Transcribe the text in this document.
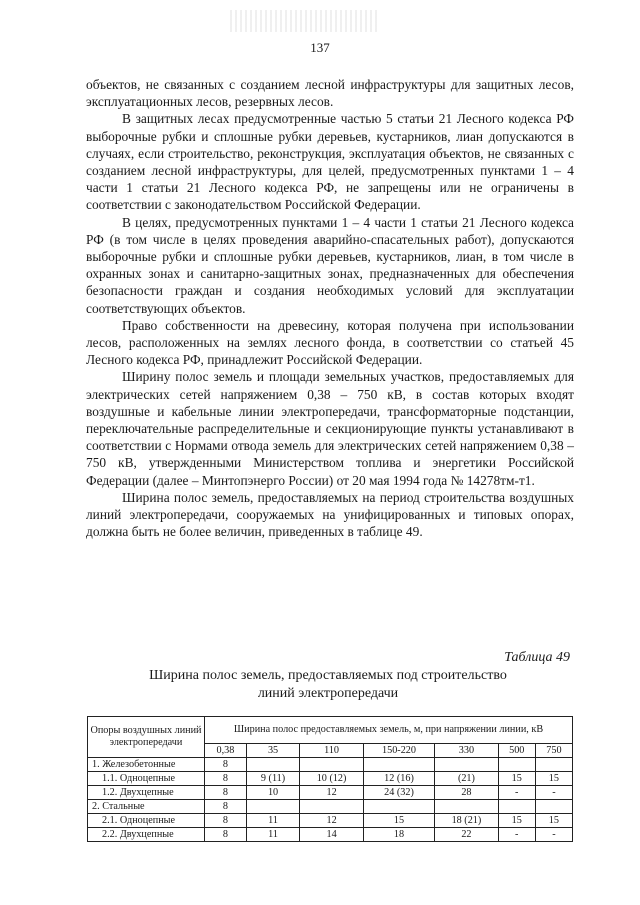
137

объектов, не связанных с созданием лесной инфраструктуры для защитных лесов, эксплуатационных лесов, резервных лесов.

В защитных лесах предусмотренные частью 5 статьи 21 Лесного кодекса РФ выборочные рубки и сплошные рубки деревьев, кустарников, лиан допускаются в случаях, если строительство, реконструкция, эксплуатация объектов, не связанных с созданием лесной инфраструктуры, для целей, предусмотренных пунктами 1 – 4 части 1 статьи 21 Лесного кодекса РФ, не запрещены или не ограничены в соответствии с законодательством Российской Федерации.

В целях, предусмотренных пунктами 1 – 4 части 1 статьи 21 Лесного кодекса РФ (в том числе в целях проведения аварийно-спасательных работ), допускаются выборочные рубки и сплошные рубки деревьев, кустарников, лиан, в том числе в охранных зонах и санитарно-защитных зонах, предназначенных для обеспечения безопасности граждан и создания необходимых условий для эксплуатации соответствующих объектов.

Право собственности на древесину, которая получена при использовании лесов, расположенных на землях лесного фонда, в соответствии со статьей 45 Лесного кодекса РФ, принадлежит Российской Федерации.

Ширину полос земель и площади земельных участков, предоставляемых для электрических сетей напряжением 0,38 – 750 кВ, в состав которых входят воздушные и кабельные линии электропередачи, трансформаторные подстанции, переключательные распределительные и секционирующие пункты устанавливают в соответствии с Нормами отвода земель для электрических сетей напряжением 0,38 – 750 кВ, утвержденными Министерством топлива и энергетики Российской Федерации (далее – Минтопэнерго России) от 20 мая 1994 года № 14278тм-т1.

Ширина полос земель, предоставляемых на период строительства воздушных линий электропередачи, сооружаемых на унифицированных и типовых опорах, должна быть не более величин, приведенных в таблице 49.

Таблица 49
Ширина полос земель, предоставляемых под строительство
линий электропередачи
Опоры воздушных линий электропередачи	Ширина полос предоставляемых земель, м, при напряжении линии, кВ						
	0,38	35	110	150-220	330	500	750
1. Железобетонные	8						
1.1. Одноцепные	8	9 (11)	10 (12)	12 (16)	(21)	15	15
1.2. Двухцепные	8	10	12	24 (32)	28	-	-
2. Стальные	8						
2.1. Одноцепные	8	11	12	15	18 (21)	15	15
2.2. Двухцепные	8	11	14	18	22	-	-
